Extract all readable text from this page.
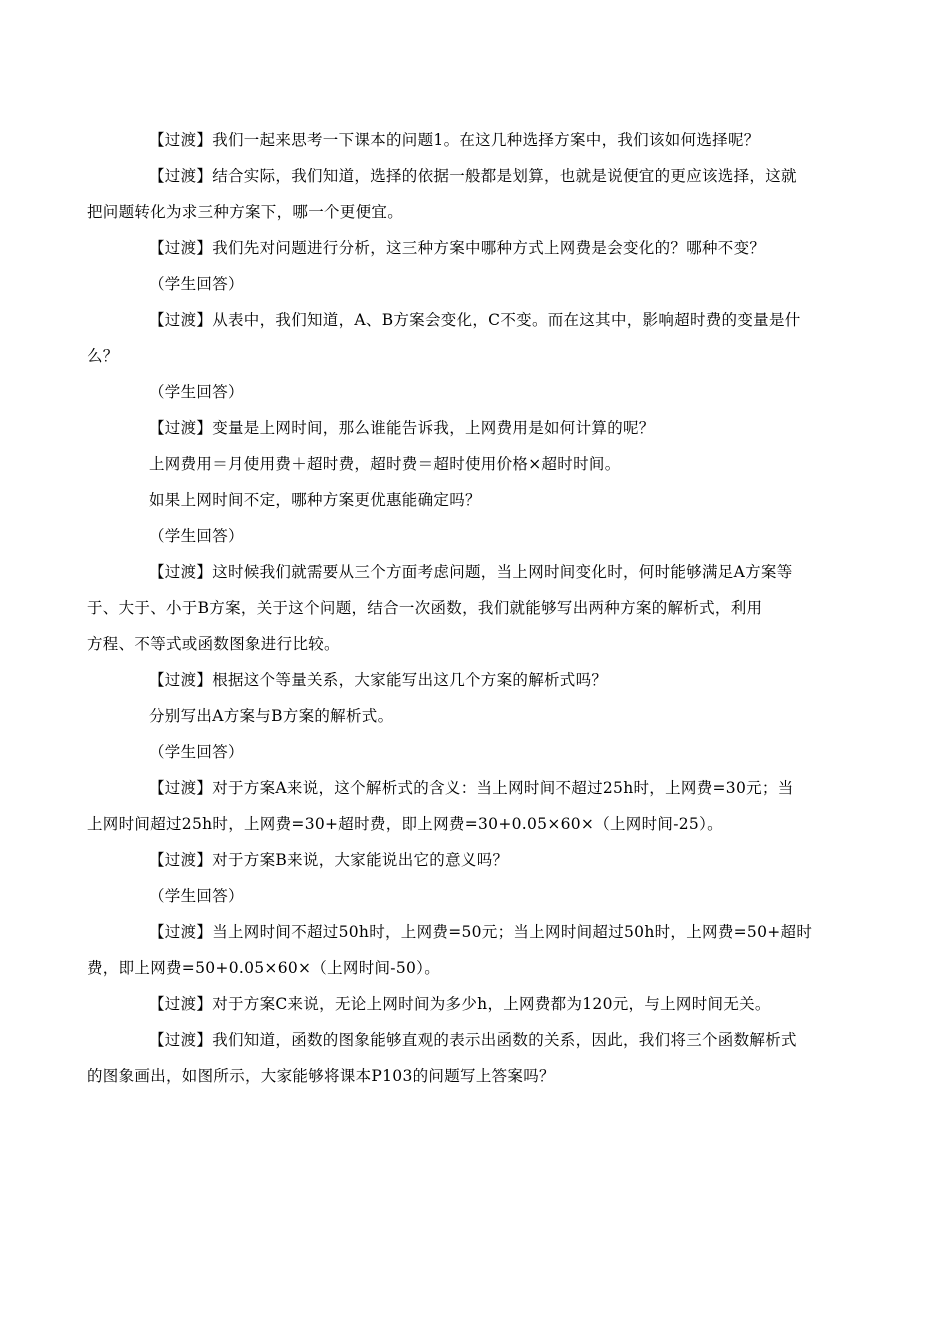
【过渡】我们一起来思考一下课本的问题1。在这几种选择方案中，我们该如何选择呢？

【过渡】结合实际，我们知道，选择的依据一般都是划算，也就是说便宜的更应该选择，这就
把问题转化为求三种方案下，哪一个更便宜。

【过渡】我们先对问题进行分析，这三种方案中哪种方式上网费是会变化的？哪种不变？

（学生回答）

【过渡】从表中，我们知道，A、B方案会变化，C不变。而在这其中，影响超时费的变量是什
么？

（学生回答）

【过渡】变量是上网时间，那么谁能告诉我，上网费用是如何计算的呢？

上网费用＝月使用费＋超时费，超时费＝超时使用价格×超时时间。

如果上网时间不定，哪种方案更优惠能确定吗？

（学生回答）

【过渡】这时候我们就需要从三个方面考虑问题，当上网时间变化时，何时能够满足A方案等
于、大于、小于B方案，关于这个问题，结合一次函数，我们就能够写出两种方案的解析式，利用
方程、不等式或函数图象进行比较。

【过渡】根据这个等量关系，大家能写出这几个方案的解析式吗？

分别写出A方案与B方案的解析式。

（学生回答）

【过渡】对于方案A来说，这个解析式的含义：当上网时间不超过25h时，上网费=30元；当
上网时间超过25h时，上网费=30+超时费，即上网费=30+0.05×60×（上网时间-25）。

【过渡】对于方案B来说，大家能说出它的意义吗？

（学生回答）

【过渡】当上网时间不超过50h时，上网费=50元；当上网时间超过50h时，上网费=50+超时
费，即上网费=50+0.05×60×（上网时间-50）。

【过渡】对于方案C来说，无论上网时间为多少h，上网费都为120元，与上网时间无关。

【过渡】我们知道，函数的图象能够直观的表示出函数的关系，因此，我们将三个函数解析式
的图象画出，如图所示，大家能够将课本P103的问题写上答案吗？
